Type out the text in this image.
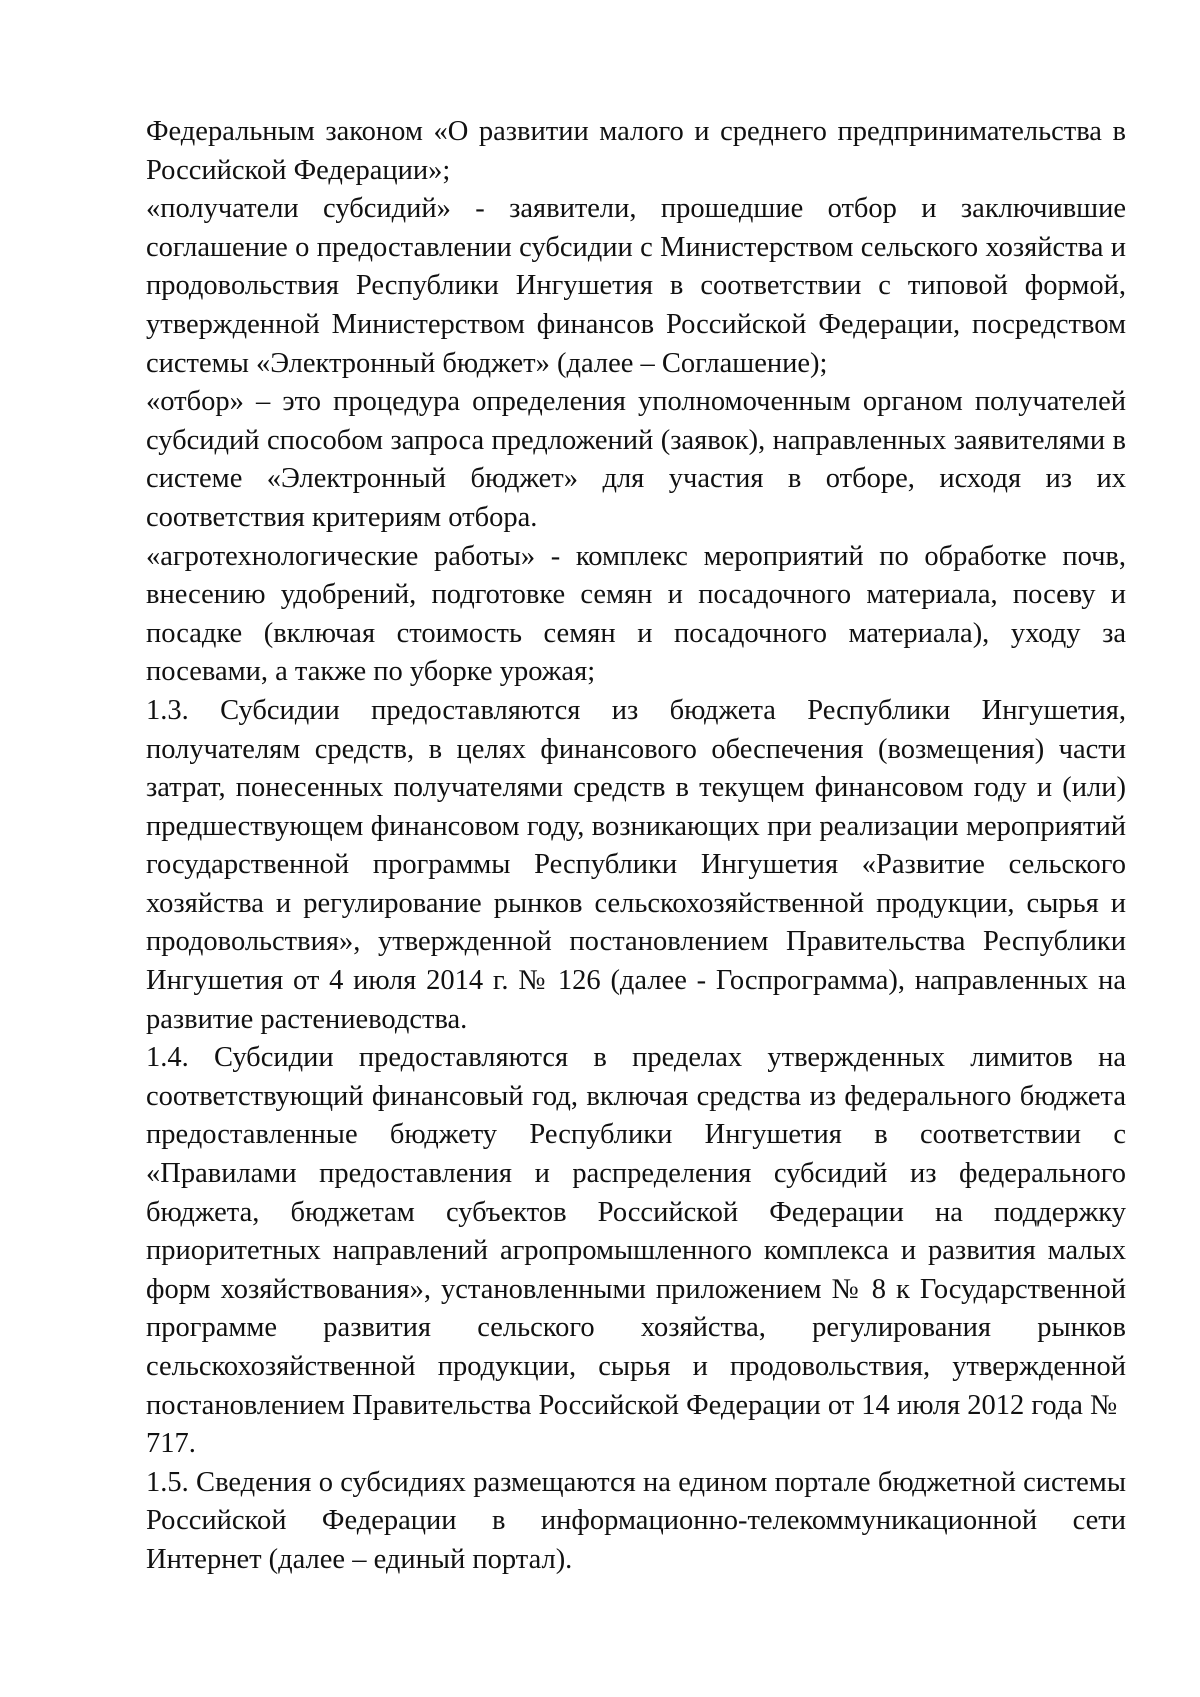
Федеральным законом «О развитии малого и среднего предпринимательства в Российской Федерации»;

«получатели субсидий» - заявители, прошедшие отбор и заключившие соглашение о предоставлении субсидии с Министерством сельского хозяйства и продовольствия Республики Ингушетия в соответствии с типовой формой, утвержденной Министерством финансов Российской Федерации, посредством системы «Электронный бюджет» (далее – Соглашение);

«отбор» – это процедура определения уполномоченным органом получателей субсидий способом запроса предложений (заявок), направленных заявителями в системе «Электронный бюджет» для участия в отборе, исходя из их соответствия критериям отбора.

«агротехнологические работы» - комплекс мероприятий по обработке почв, внесению удобрений, подготовке семян и посадочного материала, посеву и посадке (включая стоимость семян и посадочного материала), уходу за посевами, а также по уборке урожая;

1.3. Субсидии предоставляются из бюджета Республики Ингушетия, получателям средств, в целях финансового обеспечения (возмещения) части затрат, понесенных получателями средств в текущем финансовом году и (или) предшествующем финансовом году, возникающих при реализации мероприятий государственной программы Республики Ингушетия «Развитие сельского хозяйства и регулирование рынков сельскохозяйственной продукции, сырья и продовольствия», утвержденной постановлением Правительства Республики Ингушетия от 4 июля 2014 г. № 126 (далее - Госпрограмма), направленных на развитие растениеводства.

1.4. Субсидии предоставляются в пределах утвержденных лимитов на соответствующий финансовый год, включая средства из федерального бюджета предоставленные бюджету Республики Ингушетия в соответствии с «Правилами предоставления и распределения субсидий из федерального бюджета, бюджетам субъектов Российской Федерации на поддержку приоритетных направлений агропромышленного комплекса и развития малых форм хозяйствования», установленными приложением № 8 к Государственной программе развития сельского хозяйства, регулирования рынков сельскохозяйственной продукции, сырья и продовольствия, утвержденной постановлением Правительства Российской Федерации от 14 июля 2012 года №

717.

1.5. Сведения о субсидиях размещаются на едином портале бюджетной системы Российской Федерации в информационно-телекоммуникационной сети Интернет (далее – единый портал).
